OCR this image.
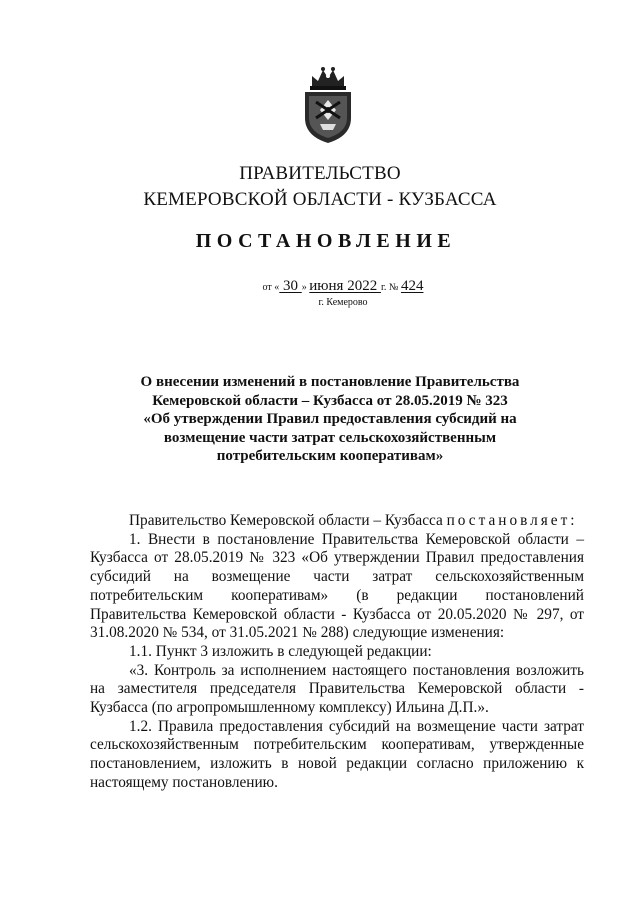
ПРАВИТЕЛЬСТВО
КЕМЕРОВСКОЙ ОБЛАСТИ - КУЗБАССА
ПОСТАНОВЛЕНИЕ
от « 30 » июня 2022 г. № 424
г. Кемерово
О внесении изменений в постановление Правительства
Кемеровской области – Кузбасса от 28.05.2019 № 323
«Об утверждении Правил предоставления субсидий на
возмещение части затрат сельскохозяйственным
потребительским кооперативам»

Правительство Кемеровской области – Кузбасса постановляет:

1. Внести в постановление Правительства Кемеровской области – Кузбасса от 28.05.2019 № 323 «Об утверждении Правил предоставления субсидий на возмещение части затрат сельскохозяйственным потребительским кооперативам» (в редакции постановлений Правительства Кемеровской области - Кузбасса от 20.05.2020 № 297, от 31.08.2020 № 534, от 31.05.2021 № 288) следующие изменения:

1.1. Пункт 3 изложить в следующей редакции:

«3. Контроль за исполнением настоящего постановления возложить на заместителя председателя Правительства Кемеровской области - Кузбасса (по агропромышленному комплексу) Ильина Д.П.».

1.2. Правила предоставления субсидий на возмещение части затрат сельскохозяйственным потребительским кооперативам, утвержденные постановлением, изложить в новой редакции согласно приложению к настоящему постановлению.
